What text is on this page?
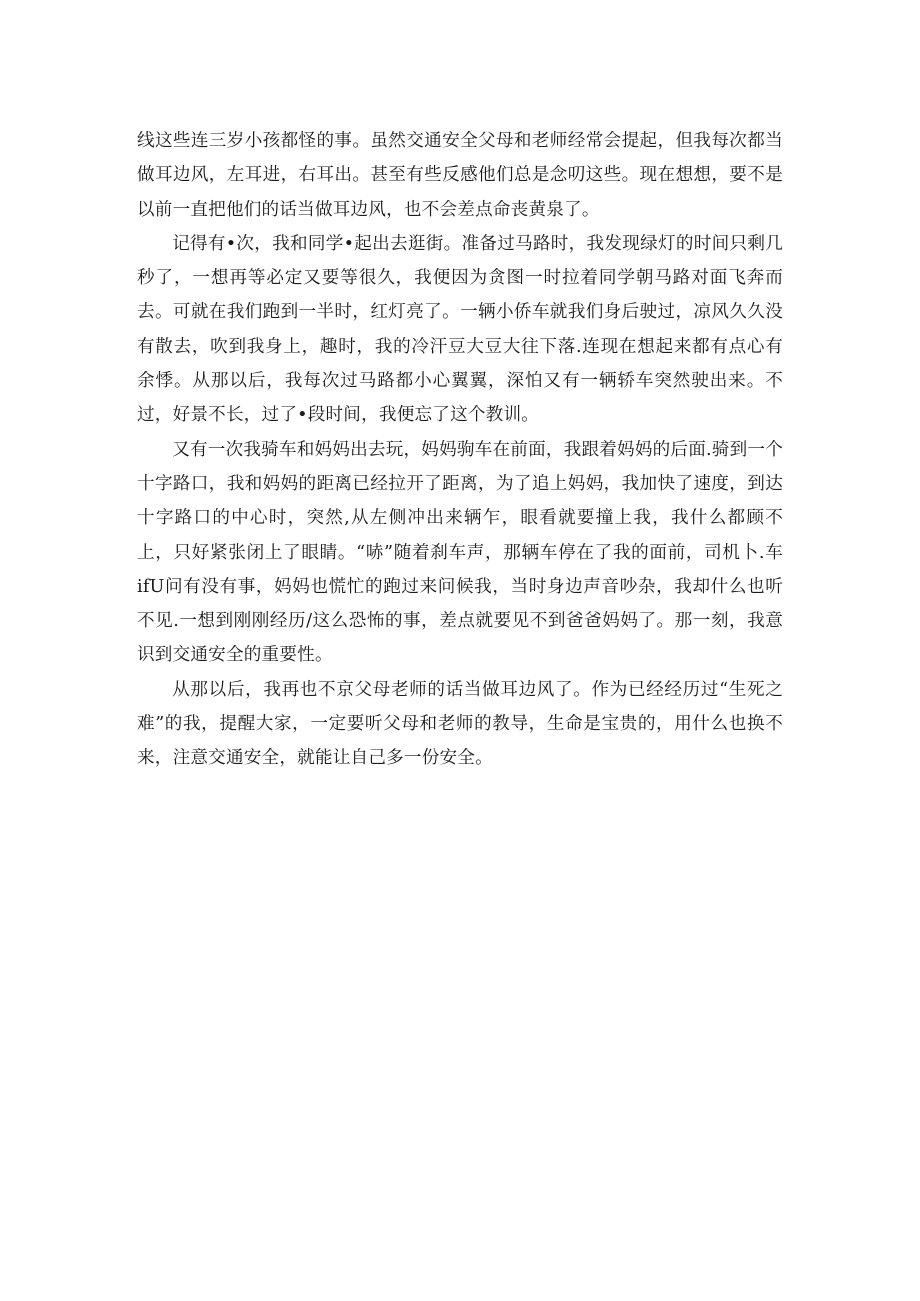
线这些连三岁小孩都怪的事。虽然交通安全父母和老师经常会提起，但我每次都当做耳边风，左耳进，右耳出。甚至有些反感他们总是念叨这些。现在想想，要不是以前一直把他们的话当做耳边风，也不会差点命丧黄泉了。

记得有•次，我和同学•起出去逛街。准备过马路时，我发现绿灯的时间只剩几秒了，一想再等必定又要等很久，我便因为贪图一时拉着同学朝马路对面飞奔而去。可就在我们跑到一半时，红灯亮了。一辆小侨车就我们身后驶过，凉风久久没有散去，吹到我身上，趣时，我的冷汗豆大豆大往下落.连现在想起来都有点心有余悸。从那以后，我每次过马路都小心翼翼，深怕又有一辆轿车突然驶出来。不过，好景不长，过了•段时间，我便忘了这个教训。

又有一次我骑车和妈妈出去玩，妈妈驹车在前面，我跟着妈妈的后面.骑到一个十字路口，我和妈妈的距离已经拉开了距离，为了追上妈妈，我加快了速度，到达十字路口的中心时，突然,从左侧冲出来辆乍，眼看就要撞上我，我什么都顾不上，只好紧张闭上了眼睛。“哧”随着刹车声，那辆车停在了我的面前，司机卜.车ifU问有没有事，妈妈也慌忙的跑过来问候我，当时身边声音吵杂，我却什么也听不见.一想到刚刚经历/这么恐怖的事，差点就要见不到爸爸妈妈了。那一刻，我意识到交通安全的重要性。

从那以后，我再也不京父母老师的话当做耳边风了。作为已经经历过“生死之难”的我，提醒大家，一定要听父母和老师的教导，生命是宝贵的，用什么也换不来，注意交通安全，就能让自己多一份安全。
